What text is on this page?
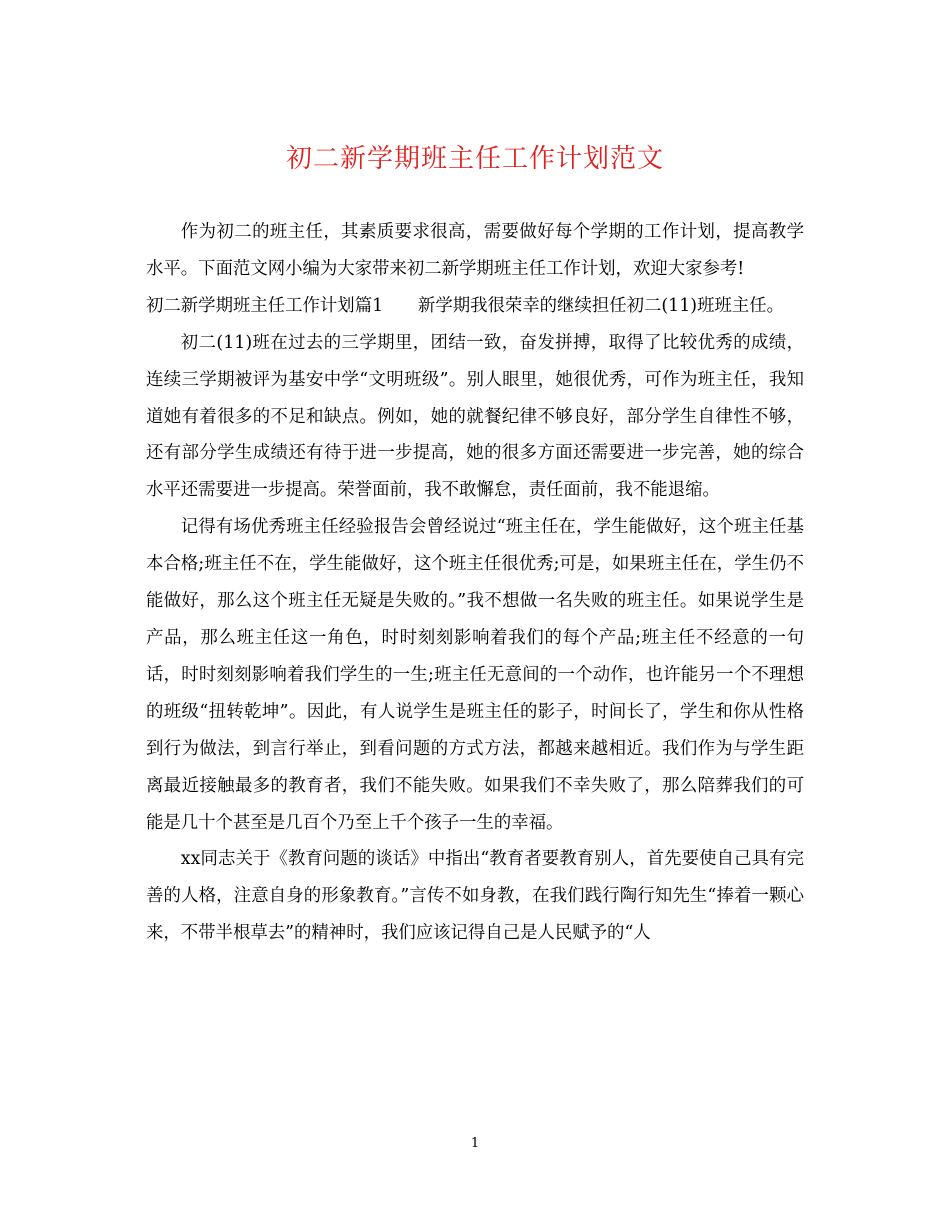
初二新学期班主任工作计划范文

作为初二的班主任，其素质要求很高，需要做好每个学期的工作计划，提高教学水平。下面范文网小编为大家带来初二新学期班主任工作计划，欢迎大家参考!

初二新学期班主任工作计划篇1　　新学期我很荣幸的继续担任初二(11)班班主任。

初二(11)班在过去的三学期里，团结一致，奋发拼搏，取得了比较优秀的成绩，连续三学期被评为基安中学“文明班级”。别人眼里，她很优秀，可作为班主任，我知道她有着很多的不足和缺点。例如，她的就餐纪律不够良好，部分学生自律性不够，还有部分学生成绩还有待于进一步提高，她的很多方面还需要进一步完善，她的综合水平还需要进一步提高。荣誉面前，我不敢懈怠，责任面前，我不能退缩。

记得有场优秀班主任经验报告会曾经说过“班主任在，学生能做好，这个班主任基本合格;班主任不在，学生能做好，这个班主任很优秀;可是，如果班主任在，学生仍不能做好，那么这个班主任无疑是失败的。”我不想做一名失败的班主任。如果说学生是产品，那么班主任这一角色，时时刻刻影响着我们的每个产品;班主任不经意的一句话，时时刻刻影响着我们学生的一生;班主任无意间的一个动作，也许能另一个不理想的班级“扭转乾坤”。因此，有人说学生是班主任的影子，时间长了，学生和你从性格到行为做法，到言行举止，到看问题的方式方法，都越来越相近。我们作为与学生距离最近接触最多的教育者，我们不能失败。如果我们不幸失败了，那么陪葬我们的可能是几十个甚至是几百个乃至上千个孩子一生的幸福。

xx同志关于《教育问题的谈话》中指出“教育者要教育别人，首先要使自己具有完善的人格，注意自身的形象教育。”言传不如身教，在我们践行陶行知先生“捧着一颗心来，不带半根草去”的精神时，我们应该记得自己是人民赋予的“人

1
